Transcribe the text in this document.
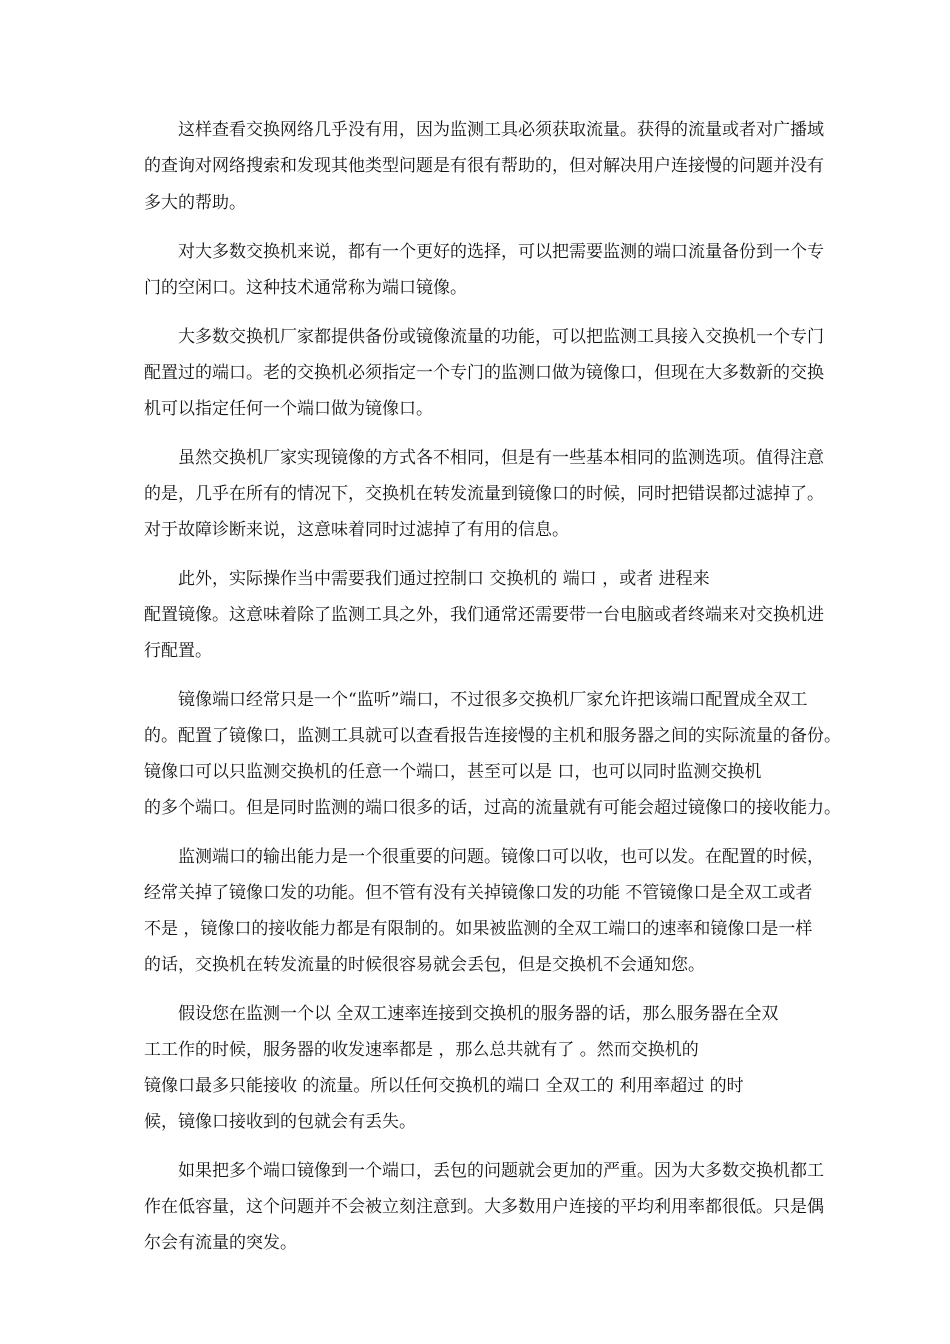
这样查看交换网络几乎没有用，因为监测工具必须获取流量。获得的流量或者对广播域
的查询对网络搜索和发现其他类型问题是有很有帮助的，但对解决用户连接慢的问题并没有
多大的帮助。
对大多数交换机来说，都有一个更好的选择，可以把需要监测的端口流量备份到一个专
门的空闲口。这种技术通常称为端口镜像。
大多数交换机厂家都提供备份或镜像流量的功能，可以把监测工具接入交换机一个专门
配置过的端口。老的交换机必须指定一个专门的监测口做为镜像口，但现在大多数新的交换
机可以指定任何一个端口做为镜像口。
虽然交换机厂家实现镜像的方式各不相同，但是有一些基本相同的监测选项。值得注意
的是，几乎在所有的情况下，交换机在转发流量到镜像口的时候，同时把错误都过滤掉了。
对于故障诊断来说，这意味着同时过滤掉了有用的信息。
此外，实际操作当中需要我们通过控制口 交换机的 端口 ，或者 进程来
配置镜像。这意味着除了监测工具之外，我们通常还需要带一台电脑或者终端来对交换机进
行配置。
镜像端口经常只是一个“监听”端口，不过很多交换机厂家允许把该端口配置成全双工
的。配置了镜像口，监测工具就可以查看报告连接慢的主机和服务器之间的实际流量的备份。
镜像口可以只监测交换机的任意一个端口，甚至可以是 口，也可以同时监测交换机
的多个端口。但是同时监测的端口很多的话，过高的流量就有可能会超过镜像口的接收能力。
监测端口的输出能力是一个很重要的问题。镜像口可以收，也可以发。在配置的时候，
经常关掉了镜像口发的功能。但不管有没有关掉镜像口发的功能 不管镜像口是全双工或者
不是 ，镜像口的接收能力都是有限制的。如果被监测的全双工端口的速率和镜像口是一样
的话，交换机在转发流量的时候很容易就会丢包，但是交换机不会通知您。
假设您在监测一个以 全双工速率连接到交换机的服务器的话，那么服务器在全双
工工作的时候，服务器的收发速率都是 ，那么总共就有了 。然而交换机的
镜像口最多只能接收 的流量。所以任何交换机的端口 全双工的 利用率超过 的时
候，镜像口接收到的包就会有丢失。
如果把多个端口镜像到一个端口，丢包的问题就会更加的严重。因为大多数交换机都工
作在低容量，这个问题并不会被立刻注意到。大多数用户连接的平均利用率都很低。只是偶
尔会有流量的突发。
